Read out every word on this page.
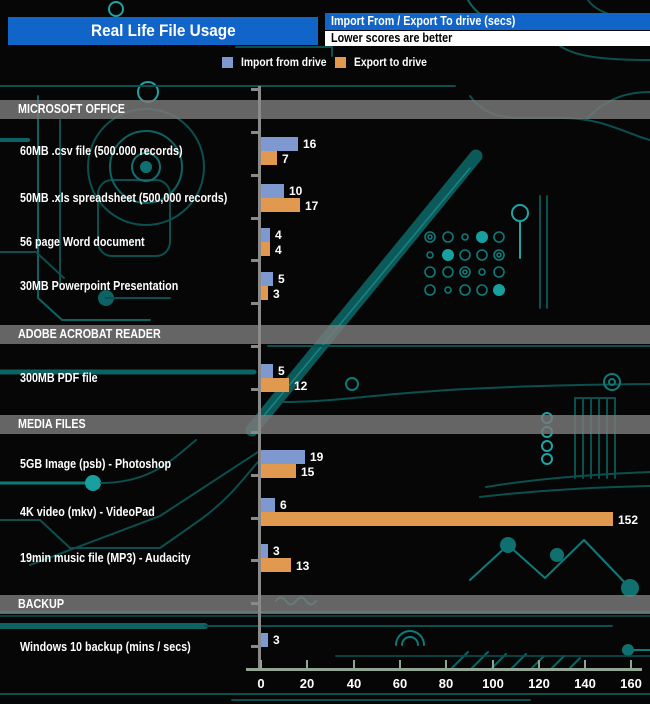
Real Life File Usage	Import From / Export To drive (secs)
Lower scores are better
Import from drive	Export to drive
MICROSOFT OFFICE
60MB .csv file (500.000 records)	16
7
50MB .xls spreadsheet (500,000 records)	10
17
56 page Word document	4
4
30MB Powerpoint Presentation	5
3
ADOBE ACROBAT READER
300MB PDF file	5
12
MEDIA FILES
5GB Image (psb) - Photoshop	19
15
4K video (mkv) - VideoPad	6
152
19min music file (MP3) - Audacity	3
13
BACKUP
Windows 10 backup (mins / secs)	3
0	20	40	60	80	100	120	140	160
